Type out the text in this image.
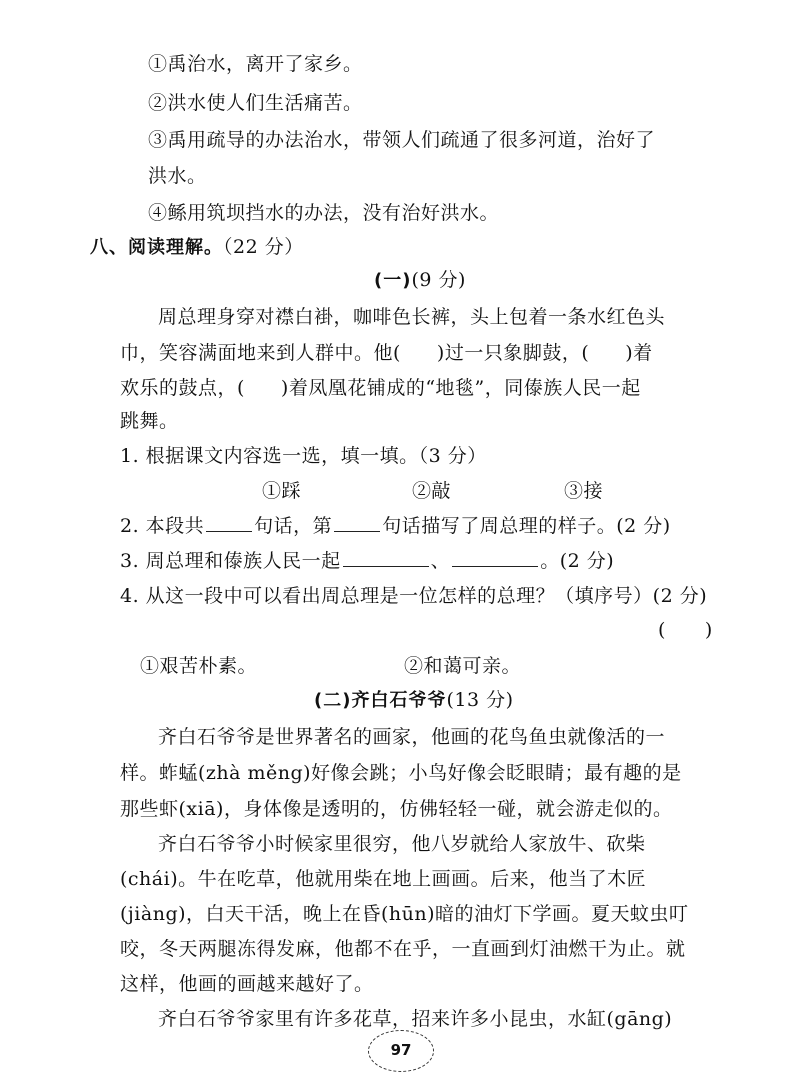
①禹治水，离开了家乡。
②洪水使人们生活痛苦。
③禹用疏导的办法治水，带领人们疏通了很多河道，治好了
洪水。
④鲧用筑坝挡水的办法，没有治好洪水。
八、阅读理解。（22 分）
(一)(9 分)
周总理身穿对襟白褂，咖啡色长裤，头上包着一条水红色头
巾，笑容满面地来到人群中。他( )过一只象脚鼓，( )着
欢乐的鼓点，( )着凤凰花铺成的“地毯”，同傣族人民一起
跳舞。
1. 根据课文内容选一选，填一填。（3 分）
①踩	②敲	③接
2. 本段共	句话，第	句话描写了周总理的样子。(2 分)
3. 周总理和傣族人民一起	、	。(2 分)
4. 从这一段中可以看出周总理是一位怎样的总理？（填序号）(2 分)
(　　)
①艰苦朴素。	②和蔼可亲。
(二)齐白石爷爷(13 分)
齐白石爷爷是世界著名的画家，他画的花鸟鱼虫就像活的一
样。蚱蜢(zhà měng)好像会跳；小鸟好像会眨眼睛；最有趣的是
那些虾(xiā)，身体像是透明的，仿佛轻轻一碰，就会游走似的。
齐白石爷爷小时候家里很穷，他八岁就给人家放牛、砍柴
(chái)。牛在吃草，他就用柴在地上画画。后来，他当了木匠
(jiàng)，白天干活，晚上在昏(hūn)暗的油灯下学画。夏天蚊虫叮
咬，冬天两腿冻得发麻，他都不在乎，一直画到灯油燃干为止。就
这样，他画的画越来越好了。
齐白石爷爷家里有许多花草，招来许多小昆虫，水缸(gāng)
97
